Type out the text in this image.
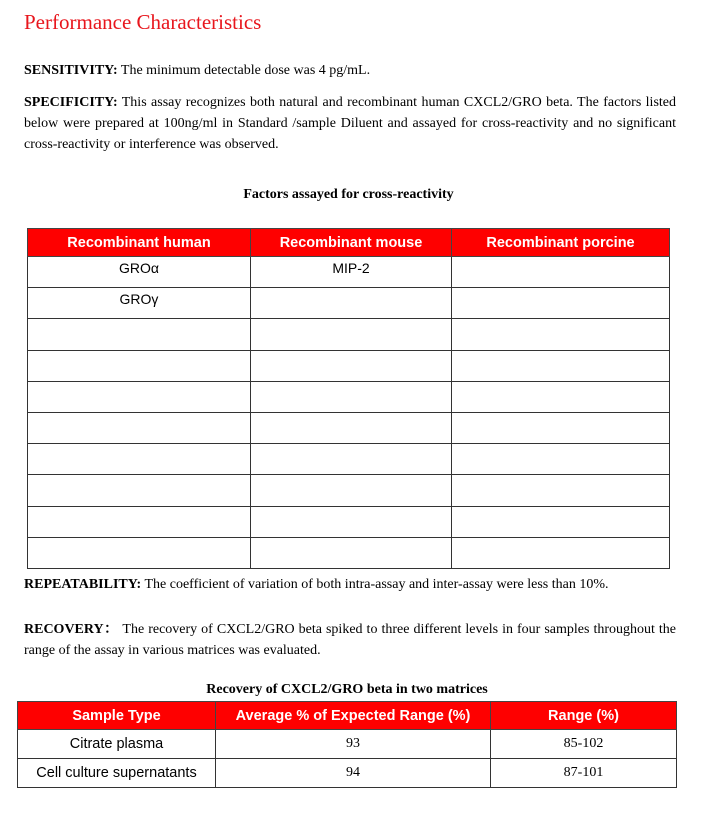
Performance Characteristics
SENSITIVITY: The minimum detectable dose was 4 pg/mL.
SPECIFICITY: This assay recognizes both natural and recombinant human CXCL2/GRO beta. The factors listed below were prepared at 100ng/ml in Standard /sample Diluent and assayed for cross-reactivity and no significant cross-reactivity or interference was observed.
Factors assayed for cross-reactivity
Recombinant human	Recombinant mouse	Recombinant porcine
GROα	MIP-2	
GROγ		

REPEATABILITY: The coefficient of variation of both intra-assay and inter-assay were less than 10%.
RECOVERY： The recovery of CXCL2/GRO beta spiked to three different levels in four samples throughout the range of the assay in various matrices was evaluated.
Recovery of CXCL2/GRO beta in two matrices
Sample Type	Average % of Expected Range (%)	Range (%)
Citrate plasma	93	85-102
Cell culture supernatants	94	87-101
